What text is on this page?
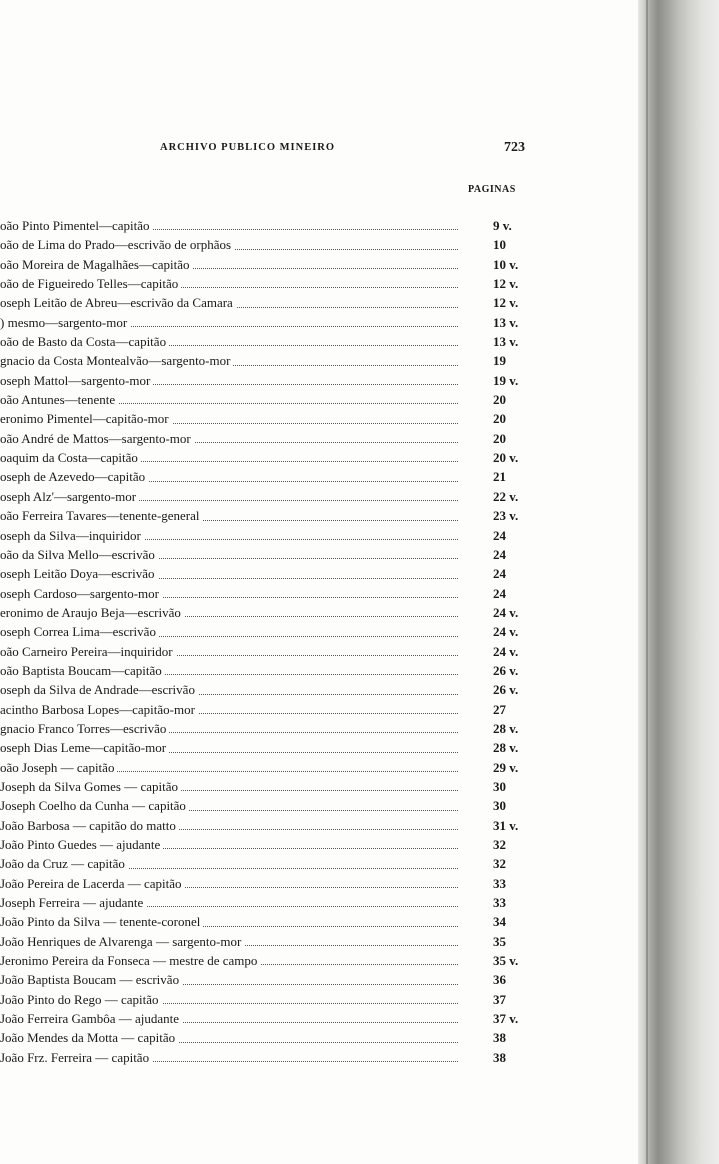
ARCHIVO PUBLICO MINEIRO	723
PAGINAS
oão Pinto Pimentel—capitão	9 v.
oão de Lima do Prado—escrivão de orphãos	10
oão Moreira de Magalhães—capitão	10 v.
oão de Figueiredo Telles—capitão	12 v.
oseph Leitão de Abreu—escrivão da Camara	12 v.
) mesmo—sargento-mor	13 v.
oão de Basto da Costa—capitão	13 v.
gnacio da Costa Montealvão—sargento-mor	19
oseph Mattol—sargento-mor	19 v.
oão Antunes—tenente	20
eronimo Pimentel—capitão-mor	20
oão André de Mattos—sargento-mor	20
oaquim da Costa—capitão	20 v.
oseph de Azevedo—capitão	21
oseph Alz'—sargento-mor	22 v.
oão Ferreira Tavares—tenente-general	23 v.
oseph da Silva—inquiridor	24
oão da Silva Mello—escrivão	24
oseph Leitão Doya—escrivão	24
oseph Cardoso—sargento-mor	24
eronimo de Araujo Beja—escrivão	24 v.
oseph Correa Lima—escrivão	24 v.
oão Carneiro Pereira—inquiridor	24 v.
oão Baptista Boucam—capitão	26 v.
oseph da Silva de Andrade—escrivão	26 v.
acintho Barbosa Lopes—capitão-mor	27
gnacio Franco Torres—escrivão	28 v.
oseph Dias Leme—capitão-mor	28 v.
oão Joseph — capitão	29 v.
Joseph da Silva Gomes — capitão	30
Joseph Coelho da Cunha — capitão	30
João Barbosa — capitão do matto	31 v.
João Pinto Guedes — ajudante	32
João da Cruz — capitão	32
João Pereira de Lacerda — capitão	33
Joseph Ferreira — ajudante	33
João Pinto da Silva — tenente-coronel	34
João Henriques de Alvarenga — sargento-mor	35
Jeronimo Pereira da Fonseca — mestre de campo	35 v.
João Baptista Boucam — escrivão	36
João Pinto do Rego — capitão	37
João Ferreira Gambôa — ajudante	37 v.
João Mendes da Motta — capitão	38
João Frz. Ferreira — capitão	38
